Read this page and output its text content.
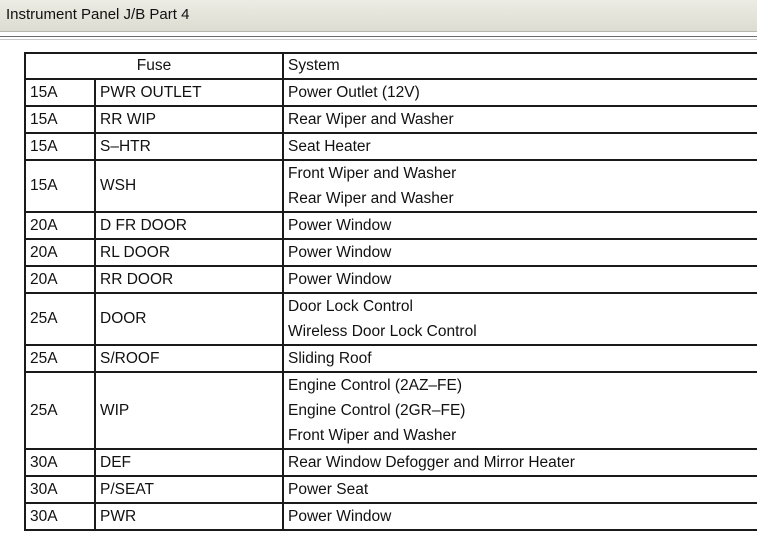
Instrument Panel J/B Part 4
Fuse		System
15A	PWR OUTLET	Power Outlet (12V)

15A	RR WIP	Rear Wiper and Washer

15A	S–HTR	Seat Heater

15A	WSH	Front Wiper and Washer
Rear Wiper and Washer

20A	D FR DOOR	Power Window

20A	RL DOOR	Power Window

20A	RR DOOR	Power Window

25A	DOOR	Door Lock Control
Wireless Door Lock Control

25A	S/ROOF	Sliding Roof

25A	WIP	Engine Control (2AZ–FE)
Engine Control (2GR–FE)
Front Wiper and Washer

30A	DEF	Rear Window Defogger and Mirror Heater

30A	P/SEAT	Power Seat

30A	PWR	Power Window
